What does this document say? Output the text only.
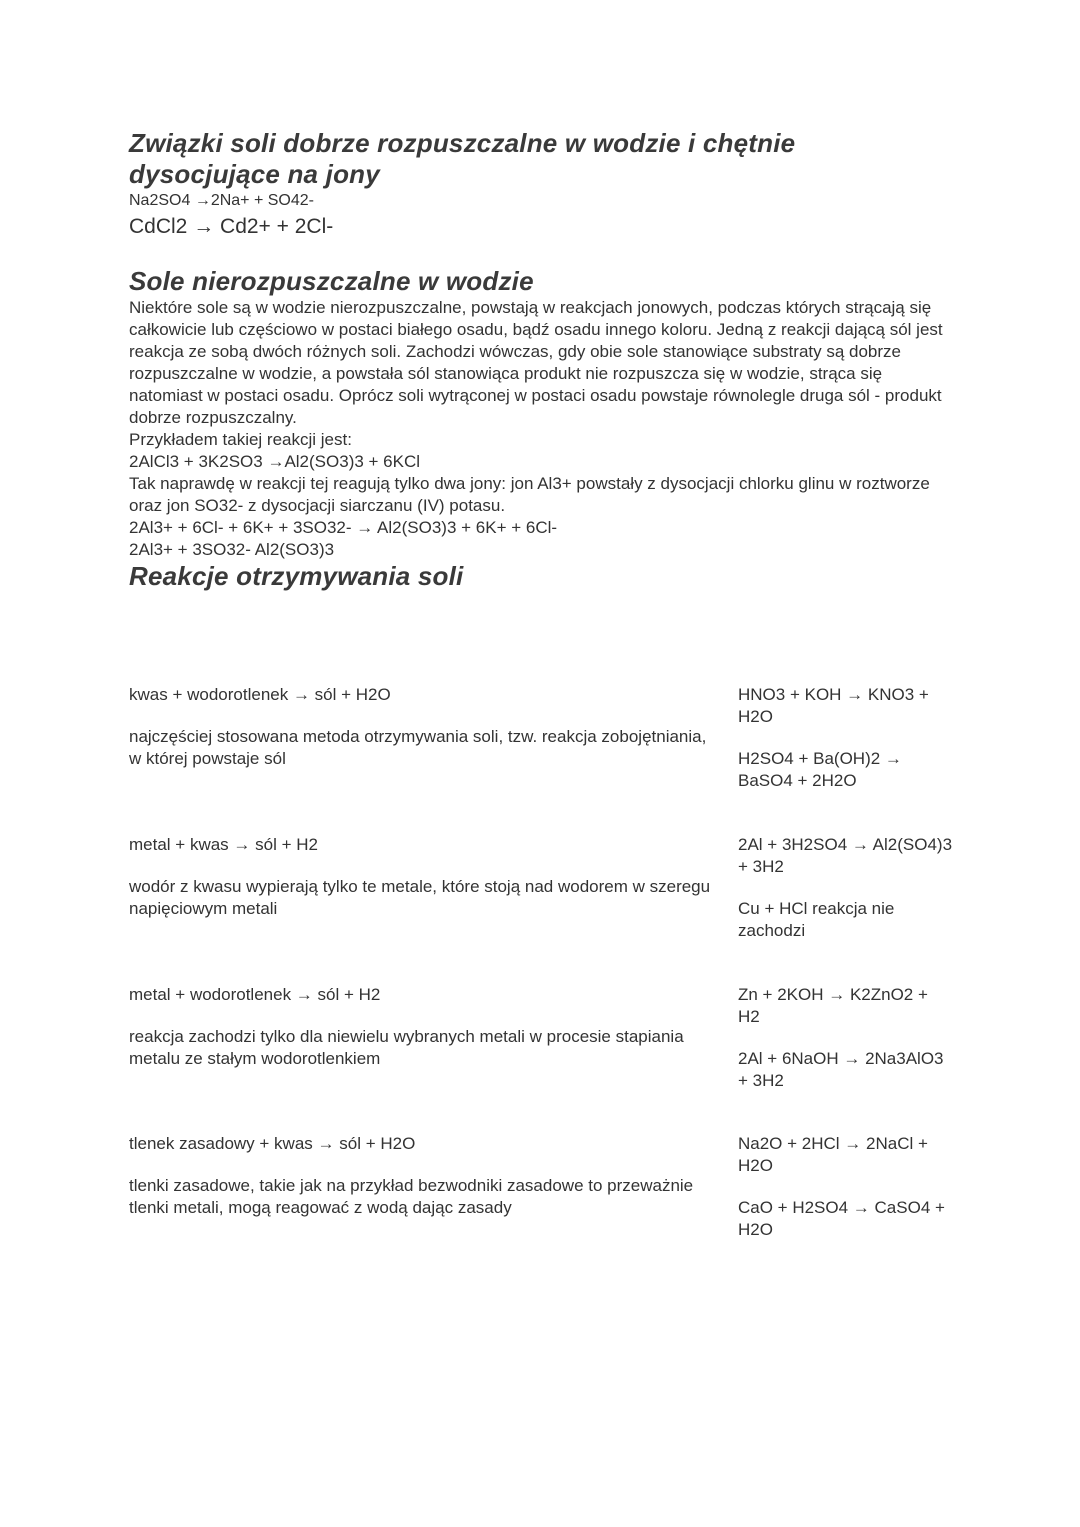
Związki soli dobrze rozpuszczalne w wodzie i chętnie dysocjujące na jony
Na2SO4 →2Na+ + SO42-
CdCl2 → Cd2+ + 2Cl-
Sole nierozpuszczalne w wodzie
Niektóre sole są w wodzie nierozpuszczalne, powstają w reakcjach jonowych, podczas których strącają się całkowicie lub częściowo w postaci białego osadu, bądź osadu innego koloru. Jedną z reakcji dającą sól jest reakcja ze sobą dwóch różnych soli. Zachodzi wówczas, gdy obie sole stanowiące substraty są dobrze rozpuszczalne w wodzie, a powstała sól stanowiąca produkt nie rozpuszcza się w wodzie, strąca się natomiast w postaci osadu. Oprócz soli wytrąconej w postaci osadu powstaje równolegle druga sól - produkt dobrze rozpuszczalny.
Przykładem takiej reakcji jest:
2AlCl3 + 3K2SO3 →Al2(SO3)3 + 6KCl
Tak naprawdę w reakcji tej reagują tylko dwa jony: jon Al3+ powstały z dysocjacji chlorku glinu w roztworze oraz jon SO32- z dysocjacji siarczanu (IV) potasu.
2Al3+ + 6Cl- + 6K+ + 3SO32- → Al2(SO3)3 + 6K+ + 6Cl-
2Al3+ + 3SO32- Al2(SO3)3
Reakcje otrzymywania soli
kwas + wodorotlenek → sól + H2O
najczęściej stosowana metoda otrzymywania soli, tzw. reakcja zobojętniania, w której powstaje sól
HNO3 + KOH → KNO3 + H2O
H2SO4 + Ba(OH)2 → BaSO4 + 2H2O
metal + kwas → sól + H2
wodór z kwasu wypierają tylko te metale, które stoją nad wodorem w szeregu napięciowym metali
2Al + 3H2SO4 → Al2(SO4)3 + 3H2
Cu + HCl reakcja nie zachodzi
metal + wodorotlenek → sól + H2
reakcja zachodzi tylko dla niewielu wybranych metali w procesie stapiania metalu ze stałym wodorotlenkiem
Zn + 2KOH → K2ZnO2 + H2
2Al + 6NaOH → 2Na3AlO3 + 3H2
tlenek zasadowy + kwas → sól + H2O
tlenki zasadowe, takie jak na przykład bezwodniki zasadowe to przeważnie tlenki metali, mogą reagować z wodą dając zasady
Na2O + 2HCl → 2NaCl + H2O
CaO + H2SO4 → CaSO4 + H2O
